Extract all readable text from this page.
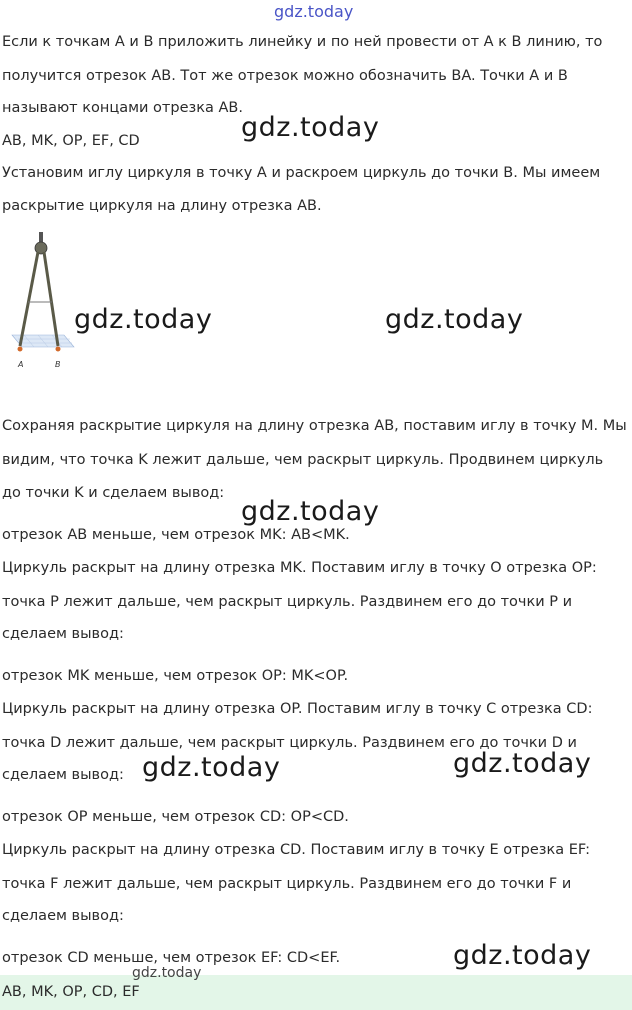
gdz.today
Если к точкам A и B приложить линейку и по ней провести от A к B линию, то
получится отрезок AB. Тот же отрезок можно обозначить BA. Точки A и B
называют концами отрезка AB.
AB, MK, OP, EF, CD
Установим иглу циркуля в точку A и раскроем циркуль до точки B. Мы имеем
раскрытие циркуля на длину отрезка AB.
A	B
Сохраняя раскрытие циркуля на длину отрезка AB, поставим иглу в точку M. Мы
видим, что точка K лежит дальше, чем раскрыт циркуль. Продвинем циркуль
до точки K и сделаем вывод:
отрезок AB меньше, чем отрезок MK: AB<MK.
Циркуль раскрыт на длину отрезка MK. Поставим иглу в точку O отрезка OP:
точка P лежит дальше, чем раскрыт циркуль. Раздвинем его до точки P и
сделаем вывод:
отрезок MK меньше, чем отрезок OP: MK<OP.
Циркуль раскрыт на длину отрезка OP. Поставим иглу в точку C отрезка CD:
точка D лежит дальше, чем раскрыт циркуль. Раздвинем его до точки D и
сделаем вывод:
отрезок OP меньше, чем отрезок CD: OP<CD.
Циркуль раскрыт на длину отрезка CD. Поставим иглу в точку E отрезка EF:
точка F лежит дальше, чем раскрыт циркуль. Раздвинем его до точки F и
сделаем вывод:
отрезок CD меньше, чем отрезок EF: CD<EF.
AB, MK, OP, CD, EF
gdz.today
gdz.today	gdz.today
gdz.today
gdz.today	gdz.today
gdz.today
gdz.today
